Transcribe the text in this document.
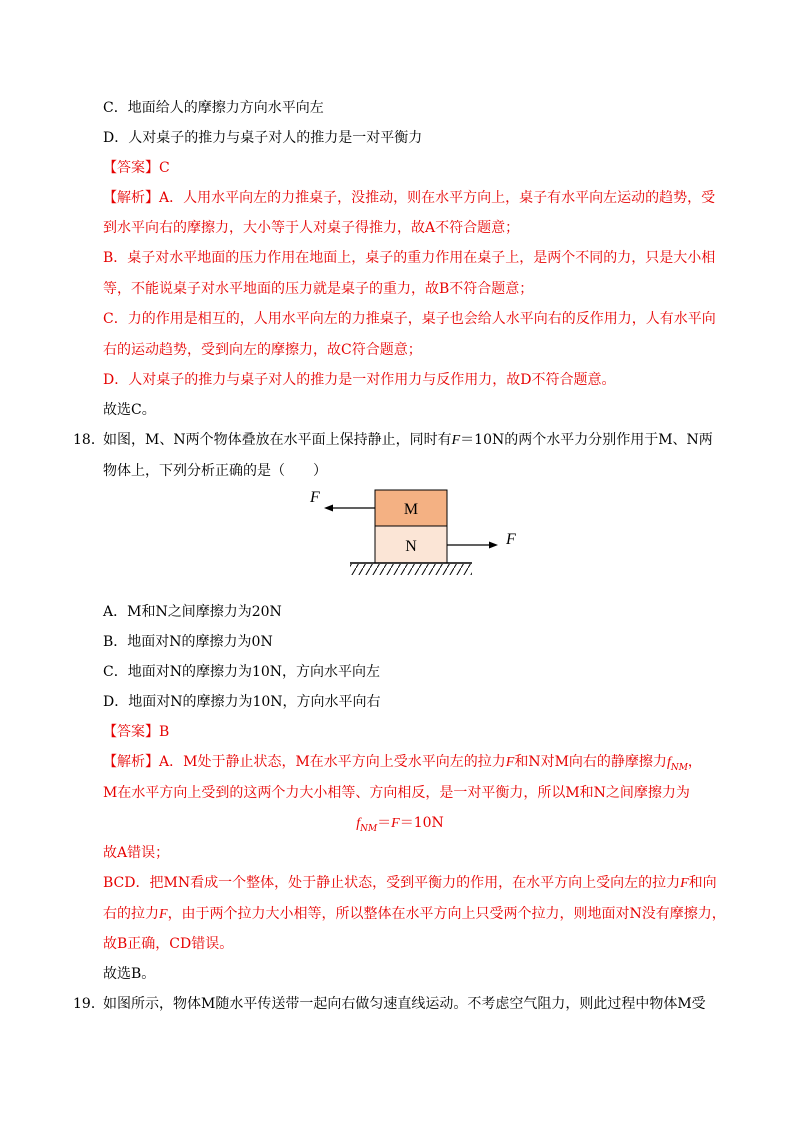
C．地面给人的摩擦力方向水平向左
D．人对桌子的推力与桌子对人的推力是一对平衡力
【答案】C
【解析】A．人用水平向左的力推桌子，没推动，则在水平方向上，桌子有水平向左运动的趋势，受
到水平向右的摩擦力，大小等于人对桌子得推力，故A不符合题意；
B．桌子对水平地面的压力作用在地面上，桌子的重力作用在桌子上，是两个不同的力，只是大小相
等，不能说桌子对水平地面的压力就是桌子的重力，故B不符合题意；
C．力的作用是相互的，人用水平向左的力推桌子，桌子也会给人水平向右的反作用力，人有水平向
右的运动趋势，受到向左的摩擦力，故C符合题意；
D．人对桌子的推力与桌子对人的推力是一对作用力与反作用力，故D不符合题意。
故选C。
18．
如图，M、N两个物体叠放在水平面上保持静止，同时有F＝10N的两个水平力分别作用于M、N两
物体上，下列分析正确的是（　　）
M
N
F
F
A．M和N之间摩擦力为20N
B．地面对N的摩擦力为0N
C．地面对N的摩擦力为10N，方向水平向左
D．地面对N的摩擦力为10N，方向水平向右
【答案】B
【解析】A．M处于静止状态，M在水平方向上受水平向左的拉力F和N对M向右的静摩擦力$f_{NM}$，
M在水平方向上受到的这两个力大小相等、方向相反，是一对平衡力，所以M和N之间摩擦力为
$f_{NM}=F=10N$
故A错误；
BCD．把MN看成一个整体，处于静止状态，受到平衡力的作用，在水平方向上受向左的拉力F和向
右的拉力F，由于两个拉力大小相等，所以整体在水平方向上只受两个拉力，则地面对N没有摩擦力，
故B正确，CD错误。
故选B。
19．
如图所示，物体M随水平传送带一起向右做匀速直线运动。不考虑空气阻力，则此过程中物体M受
